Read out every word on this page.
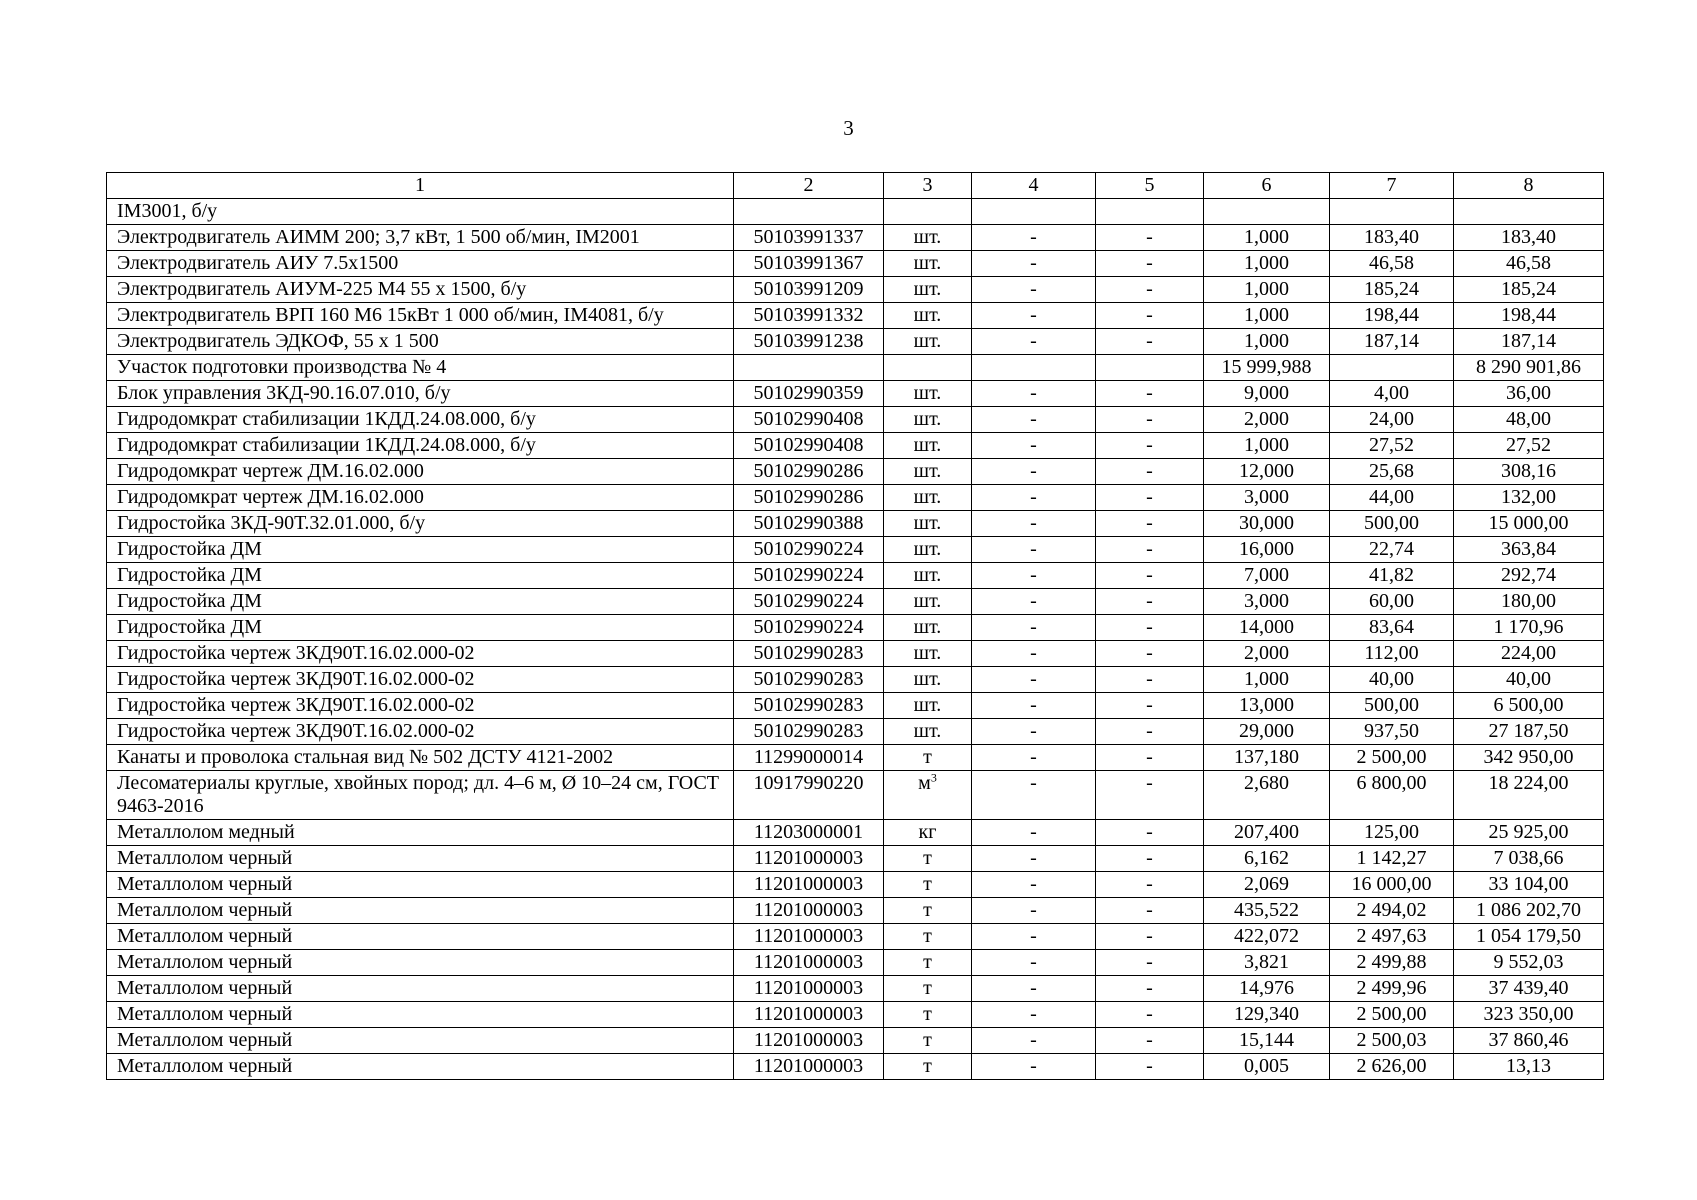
3
1	2	3	4	5	6	7	8
IM3001, б/у							
Электродвигатель АИММ 200; 3,7 кВт, 1 500 об/мин, IM2001	50103991337	шт.	-	-	1,000	183,40	183,40
Электродвигатель АИУ 7.5х1500	50103991367	шт.	-	-	1,000	46,58	46,58
Электродвигатель АИУМ-225 М4 55 х 1500, б/у	50103991209	шт.	-	-	1,000	185,24	185,24
Электродвигатель ВРП 160 М6 15кВт 1 000 об/мин, IM4081, б/у	50103991332	шт.	-	-	1,000	198,44	198,44
Электродвигатель ЭДКОФ, 55 х 1 500	50103991238	шт.	-	-	1,000	187,14	187,14
Участок подготовки производства № 4					15 999,988		8 290 901,86
Блок управления 3КД-90.16.07.010, б/у	50102990359	шт.	-	-	9,000	4,00	36,00
Гидродомкрат стабилизации 1КДД.24.08.000, б/у	50102990408	шт.	-	-	2,000	24,00	48,00
Гидродомкрат стабилизации 1КДД.24.08.000, б/у	50102990408	шт.	-	-	1,000	27,52	27,52
Гидродомкрат чертеж ДМ.16.02.000	50102990286	шт.	-	-	12,000	25,68	308,16
Гидродомкрат чертеж ДМ.16.02.000	50102990286	шт.	-	-	3,000	44,00	132,00
Гидростойка 3КД-90Т.32.01.000, б/у	50102990388	шт.	-	-	30,000	500,00	15 000,00
Гидростойка ДМ	50102990224	шт.	-	-	16,000	22,74	363,84
Гидростойка ДМ	50102990224	шт.	-	-	7,000	41,82	292,74
Гидростойка ДМ	50102990224	шт.	-	-	3,000	60,00	180,00
Гидростойка ДМ	50102990224	шт.	-	-	14,000	83,64	1 170,96
Гидростойка чертеж 3КД90Т.16.02.000-02	50102990283	шт.	-	-	2,000	112,00	224,00
Гидростойка чертеж 3КД90Т.16.02.000-02	50102990283	шт.	-	-	1,000	40,00	40,00
Гидростойка чертеж 3КД90Т.16.02.000-02	50102990283	шт.	-	-	13,000	500,00	6 500,00
Гидростойка чертеж 3КД90Т.16.02.000-02	50102990283	шт.	-	-	29,000	937,50	27 187,50
Канаты и проволока стальная вид № 502 ДСТУ 4121-2002	11299000014	т	-	-	137,180	2 500,00	342 950,00
Лесоматериалы круглые, хвойных пород; дл. 4–6 м, Ø 10–24 см, ГОСТ 9463-2016	10917990220	$м^3$	-	-	2,680	6 800,00	18 224,00
Металлолом медный	11203000001	кг	-	-	207,400	125,00	25 925,00
Металлолом черный	11201000003	т	-	-	6,162	1 142,27	7 038,66
Металлолом черный	11201000003	т	-	-	2,069	16 000,00	33 104,00
Металлолом черный	11201000003	т	-	-	435,522	2 494,02	1 086 202,70
Металлолом черный	11201000003	т	-	-	422,072	2 497,63	1 054 179,50
Металлолом черный	11201000003	т	-	-	3,821	2 499,88	9 552,03
Металлолом черный	11201000003	т	-	-	14,976	2 499,96	37 439,40
Металлолом черный	11201000003	т	-	-	129,340	2 500,00	323 350,00
Металлолом черный	11201000003	т	-	-	15,144	2 500,03	37 860,46
Металлолом черный	11201000003	т	-	-	0,005	2 626,00	13,13
